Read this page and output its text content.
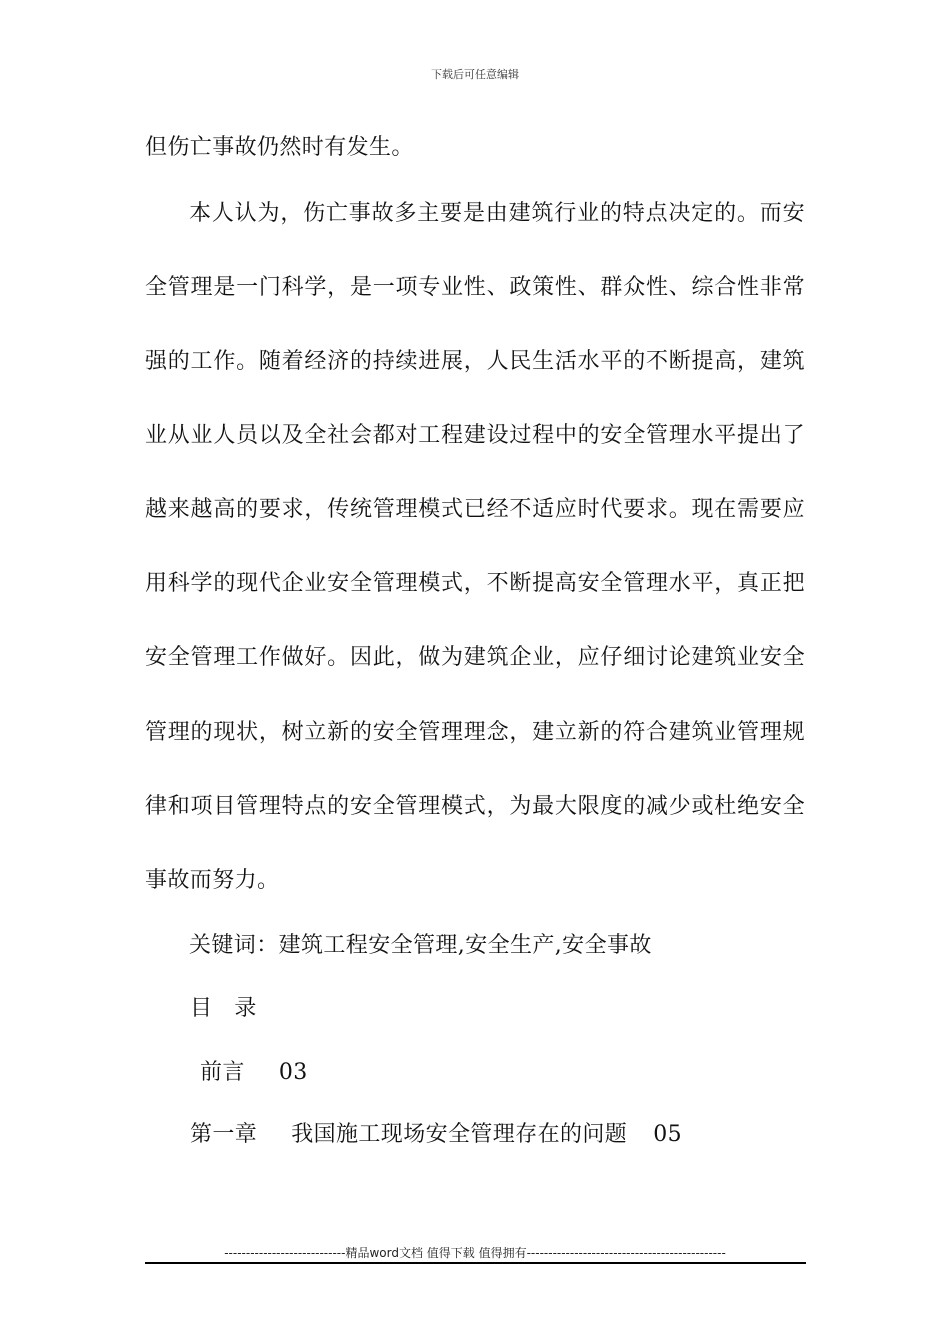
下载后可任意编辑
但伤亡事故仍然时有发生。
本人认为，伤亡事故多主要是由建筑行业的特点决定的。而安
全管理是一门科学，是一项专业性、政策性、群众性、综合性非常
强的工作。随着经济的持续进展，人民生活水平的不断提高，建筑
业从业人员以及全社会都对工程建设过程中的安全管理水平提出了
越来越高的要求，传统管理模式已经不适应时代要求。现在需要应
用科学的现代企业安全管理模式，不断提高安全管理水平，真正把
安全管理工作做好。因此，做为建筑企业，应仔细讨论建筑业安全
管理的现状，树立新的安全管理理念，建立新的符合建筑业管理规
律和项目管理特点的安全管理模式，为最大限度的减少或杜绝安全
事故而努力。
关键词：建筑工程安全管理,安全生产,安全事故
目 录
前言 03
第一章 我国施工现场安全管理存在的问题 05
----------------------------精品word文档 值得下载 值得拥有----------------------------------------------
